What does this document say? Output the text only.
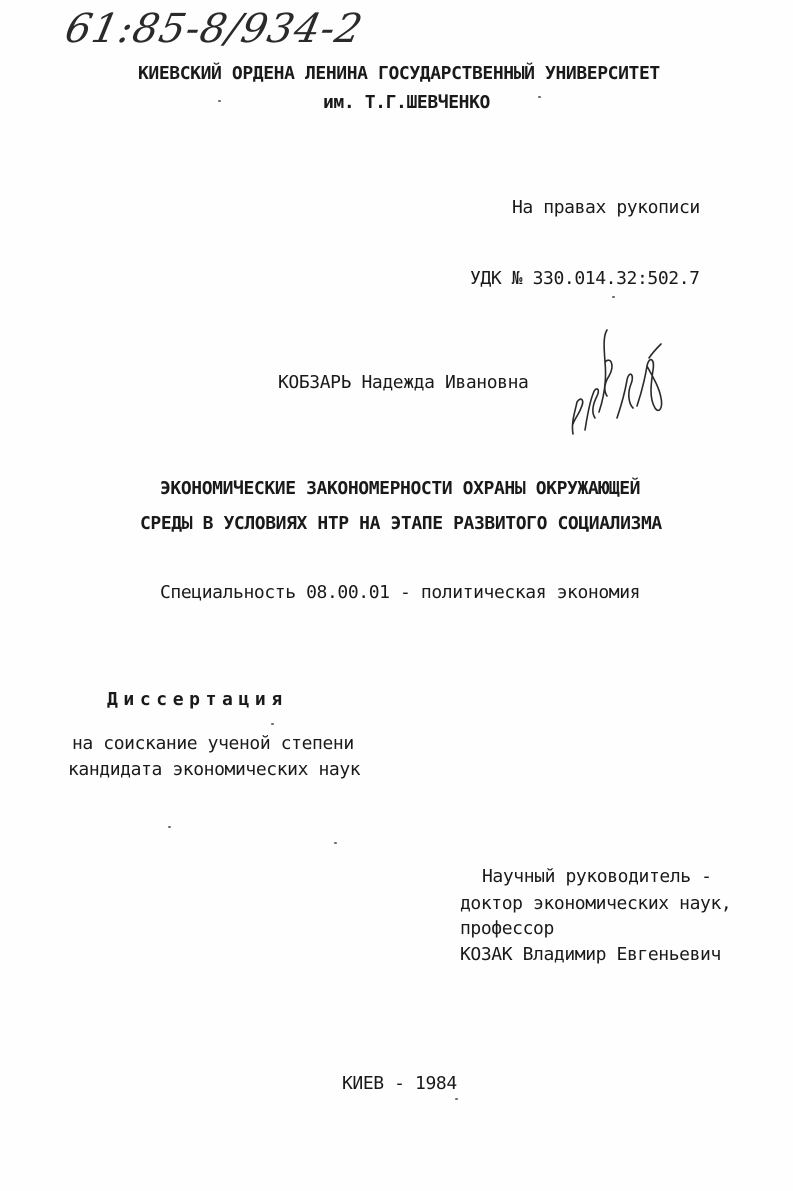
61:85-8/934-2
КИЕВСКИЙ ОРДЕНА ЛЕНИНА ГОСУДАРСТВЕННЫЙ УНИВЕРСИТЕТ
им. Т.Г.ШЕВЧЕНКО
На правах рукописи
УДК № 330.014.32:502.7
КОБЗАРЬ Надежда Ивановна
ЭКОНОМИЧЕСКИЕ ЗАКОНОМЕРНОСТИ ОХРАНЫ ОКРУЖАЮЩЕЙ
СРЕДЫ В УСЛОВИЯХ НТР НА ЭТАПЕ РАЗВИТОГО СОЦИАЛИЗМА
Специальность 08.00.01 - политическая экономия
Диссертация
на соискание ученой степени
кандидата экономических наук
Научный руководитель -
доктор экономических наук,
профессор
КОЗАК Владимир Евгеньевич
КИЕВ - 1984
